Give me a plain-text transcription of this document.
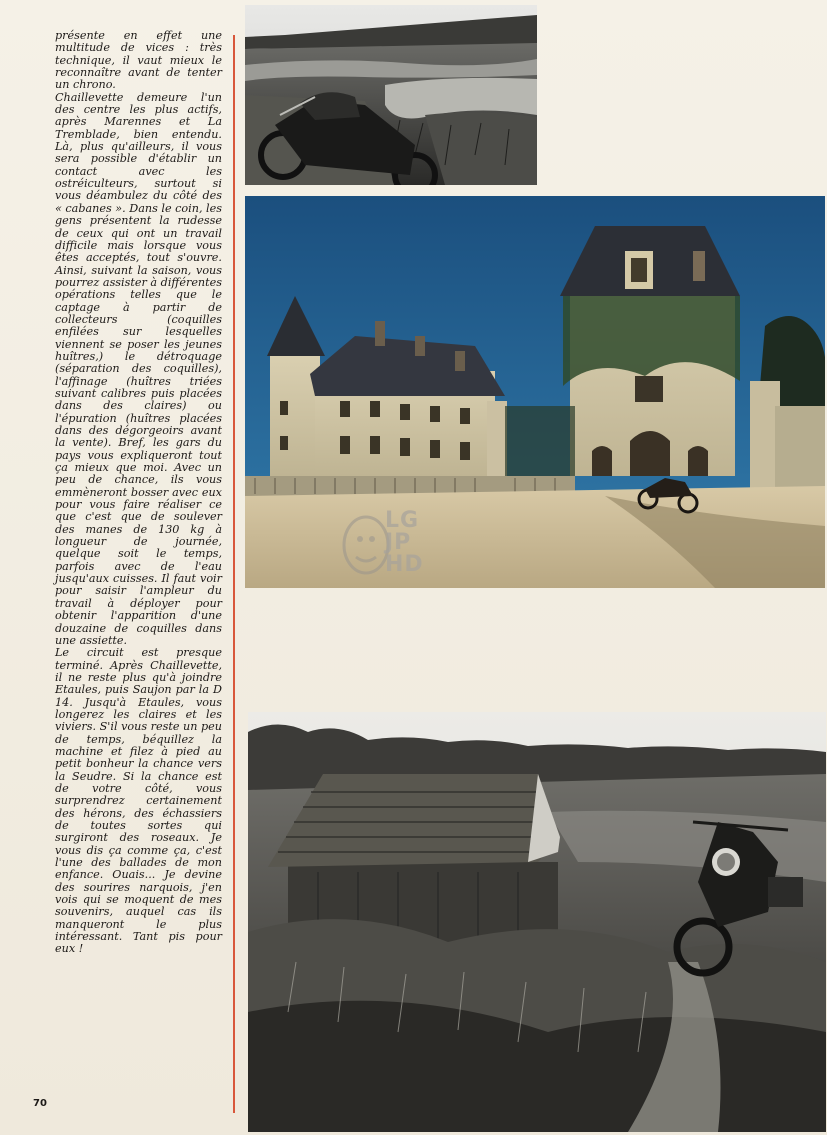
présente en effet une multitude de vices : très technique, il vaut mieux le reconnaître avant de tenter un chrono.

Chaillevette demeure l'un des centre les plus actifs, après Marennes et La Tremblade, bien entendu. Là, plus qu'ailleurs, il vous sera possible d'établir un contact avec les ostréiculteurs, surtout si vous déambulez du côté des « cabanes ». Dans le coin, les gens présentent la rudesse de ceux qui ont un travail difficile mais lorsque vous êtes acceptés, tout s'ouvre. Ainsi, suivant la saison, vous pourrez assister à différentes opérations telles que le captage à partir de collecteurs (coquilles enfilées sur lesquelles viennent se poser les jeunes huîtres,) le détroquage (séparation des coquilles), l'affinage (huîtres triées suivant calibres puis placées dans des claires) ou l'épuration (huîtres placées dans des dégorgeoirs avant la vente). Bref, les gars du pays vous expliqueront tout ça mieux que moi. Avec un peu de chance, ils vous emmèneront bosser avec eux pour vous faire réaliser ce que c'est que de soulever des manes de 130 kg à longueur de journée, quelque soit le temps, parfois avec de l'eau jusqu'aux cuisses. Il faut voir pour saisir l'ampleur du travail à déployer pour obtenir l'apparition d'une douzaine de coquilles dans une assiette.

Le circuit est presque terminé. Après Chaillevette, il ne reste plus qu'à joindre Etaules, puis Saujon par la D 14. Jusqu'à Etaules, vous longerez les claires et les viviers. S'il vous reste un peu de temps, béquillez la machine et filez à pied au petit bonheur la chance vers la Seudre. Si la chance est de votre côté, vous surprendrez certainement des hérons, des échassiers de toutes sortes qui surgiront des roseaux. Je vous dis ça comme ça, c'est l'une des ballades de mon enfance. Ouais... Je devine des sourires narquois, j'en vois qui se moquent de mes souvenirs, auquel cas ils manqueront le plus intéressant. Tant pis pour eux !

70
LG
JP
HD
